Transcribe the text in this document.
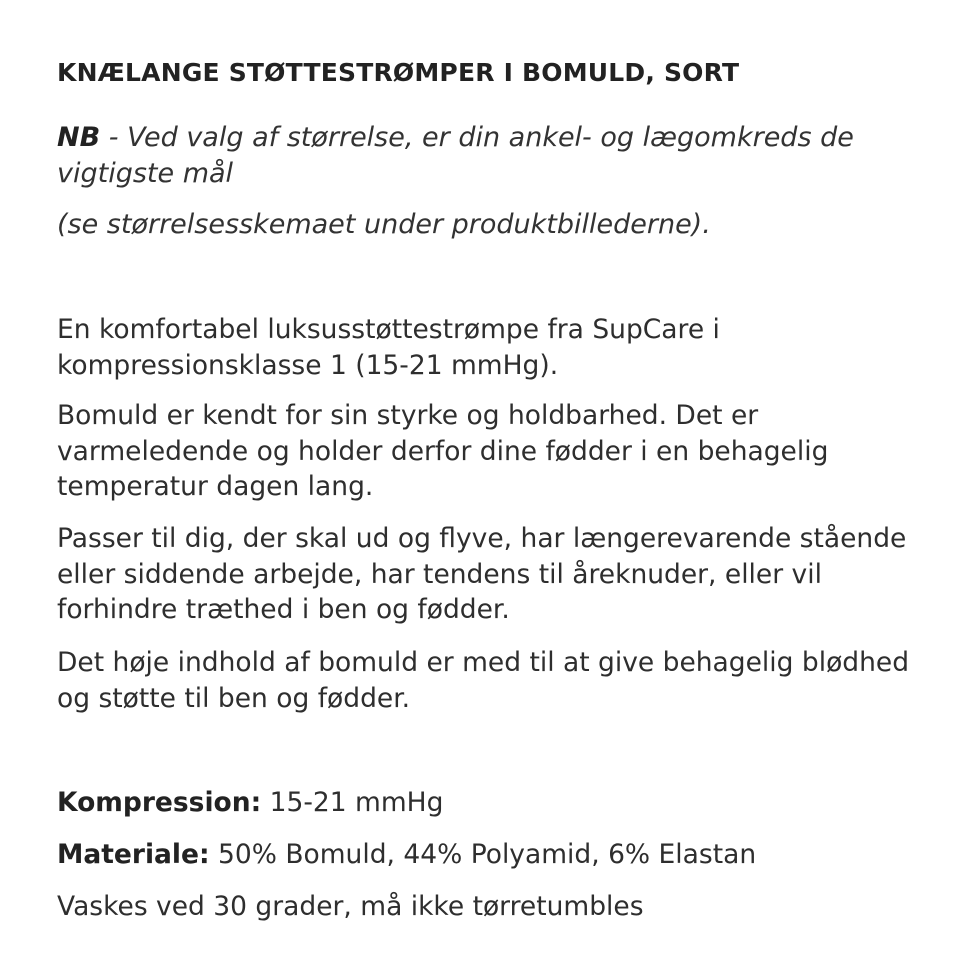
KNÆLANGE STØTTESTRØMPER I BOMULD, SORT

NB - Ved valg af størrelse, er din ankel- og lægomkreds de vigtigste mål

(se størrelsesskemaet under produktbillederne).

En komfortabel luksusstøttestrømpe fra SupCare i kompressionsklasse 1 (15-21 mmHg).

Bomuld er kendt for sin styrke og holdbarhed. Det er varmeledende og holder derfor dine fødder i en behagelig temperatur dagen lang.

Passer til dig, der skal ud og flyve, har længerevarende stående eller siddende arbejde, har tendens til åreknuder, eller vil forhindre træthed i ben og fødder.

Det høje indhold af bomuld er med til at give behagelig blødhed og støtte til ben og fødder.

Kompression: 15-21 mmHg

Materiale: 50% Bomuld, 44% Polyamid, 6% Elastan

Vaskes ved 30 grader, må ikke tørretumbles
